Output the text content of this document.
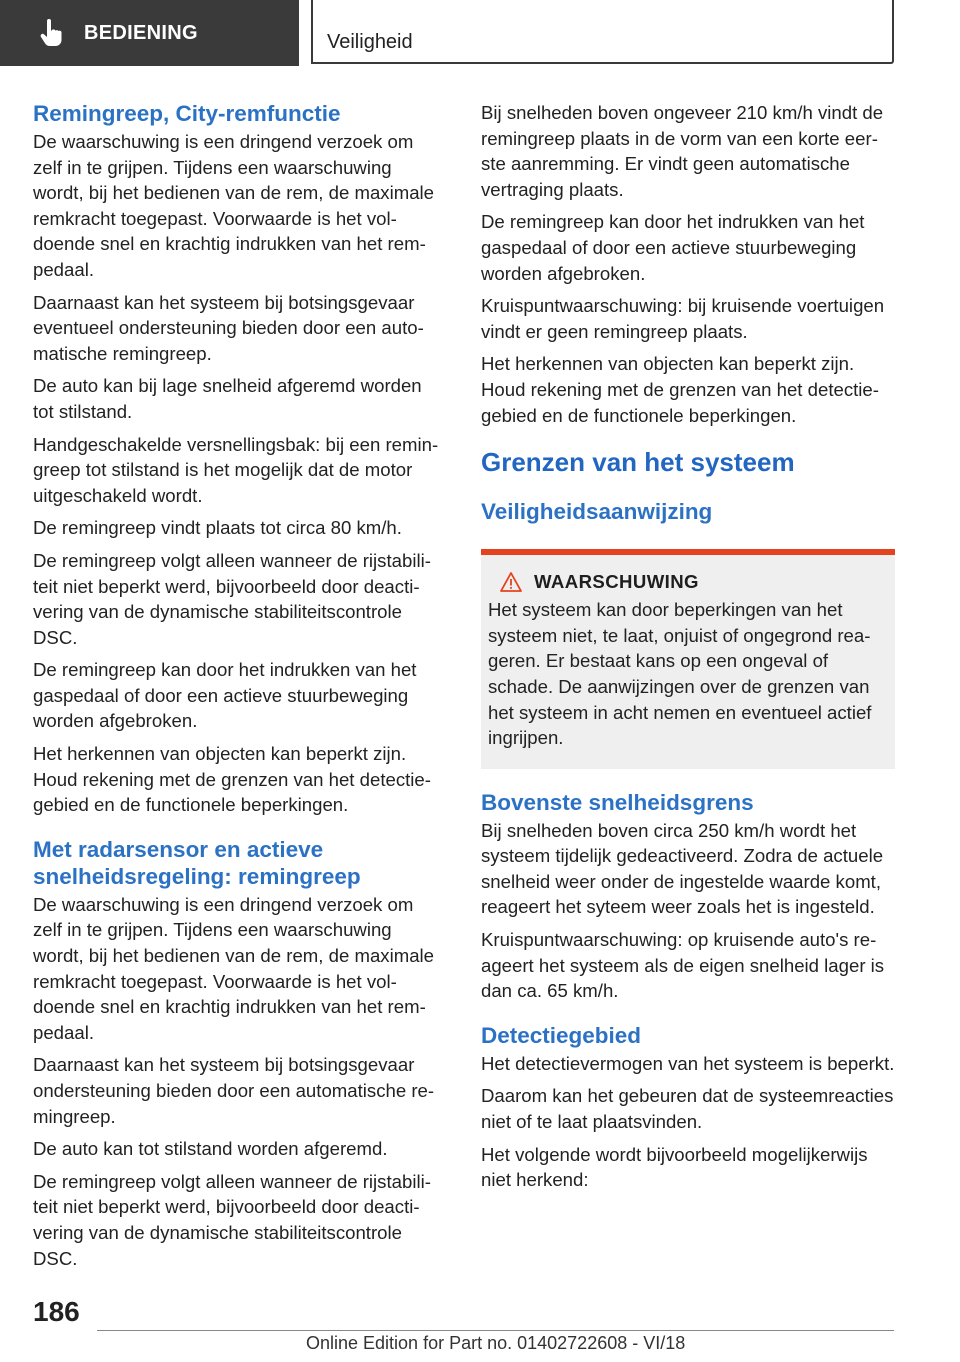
BEDIENING	Veiligheid
Remingreep, City-remfunctie

De waarschuwing is een dringend verzoek om zelf in te grijpen. Tijdens een waarschuwing wordt, bij het bedienen van de rem, de maximale remkracht toegepast. Voorwaarde is het voldoende snel en krachtig indrukken van het rempedaal.

Daarnaast kan het systeem bij botsingsgevaar eventueel ondersteuning bieden door een automatische remingreep.

De auto kan bij lage snelheid afgeremd worden tot stilstand.

Handgeschakelde versnellingsbak: bij een remingreep tot stilstand is het mogelijk dat de motor uitgeschakeld wordt.

De remingreep vindt plaats tot circa 80 km/h.

De remingreep volgt alleen wanneer de rijstabiliteit niet beperkt werd, bijvoorbeeld door deactivering van de dynamische stabiliteitscontrole DSC.

De remingreep kan door het indrukken van het gaspedaal of door een actieve stuurbeweging worden afgebroken.

Het herkennen van objecten kan beperkt zijn. Houd rekening met de grenzen van het detectiegebied en de functionele beperkingen.

Met radarsensor en actieve snelheidsregeling: remingreep

De waarschuwing is een dringend verzoek om zelf in te grijpen. Tijdens een waarschuwing wordt, bij het bedienen van de rem, de maximale remkracht toegepast. Voorwaarde is het voldoende snel en krachtig indrukken van het rempedaal.

Daarnaast kan het systeem bij botsingsgevaar ondersteuning bieden door een automatische remingreep.

De auto kan tot stilstand worden afgeremd.

De remingreep volgt alleen wanneer de rijstabiliteit niet beperkt werd, bijvoorbeeld door deactivering van de dynamische stabiliteitscontrole DSC.

Bij snelheden boven ongeveer 210 km/h vindt de remingreep plaats in de vorm van een korte eerste aanremming. Er vindt geen automatische vertraging plaats.

De remingreep kan door het indrukken van het gaspedaal of door een actieve stuurbeweging worden afgebroken.

Kruispuntwaarschuwing: bij kruisende voertuigen vindt er geen remingreep plaats.

Het herkennen van objecten kan beperkt zijn. Houd rekening met de grenzen van het detectiegebied en de functionele beperkingen.

Grenzen van het systeem
Veiligheidsaanwijzing
WAARSCHUWING

Het systeem kan door beperkingen van het systeem niet, te laat, onjuist of ongegrond reageren. Er bestaat kans op een ongeval of schade. De aanwijzingen over de grenzen van het systeem in acht nemen en eventueel actief ingrijpen.

Bovenste snelheidsgrens

Bij snelheden boven circa 250 km/h wordt het systeem tijdelijk gedeactiveerd. Zodra de actuele snelheid weer onder de ingestelde waarde komt, reageert het syteem weer zoals het is ingesteld.

Kruispuntwaarschuwing: op kruisende auto's reageert het systeem als de eigen snelheid lager is dan ca. 65 km/h.

Detectiegebied

Het detectievermogen van het systeem is beperkt.

Daarom kan het gebeuren dat de systeemreacties niet of te laat plaatsvinden.

Het volgende wordt bijvoorbeeld mogelijkerwijs niet herkend:

186
Online Edition for Part no. 01402722608 - VI/18
